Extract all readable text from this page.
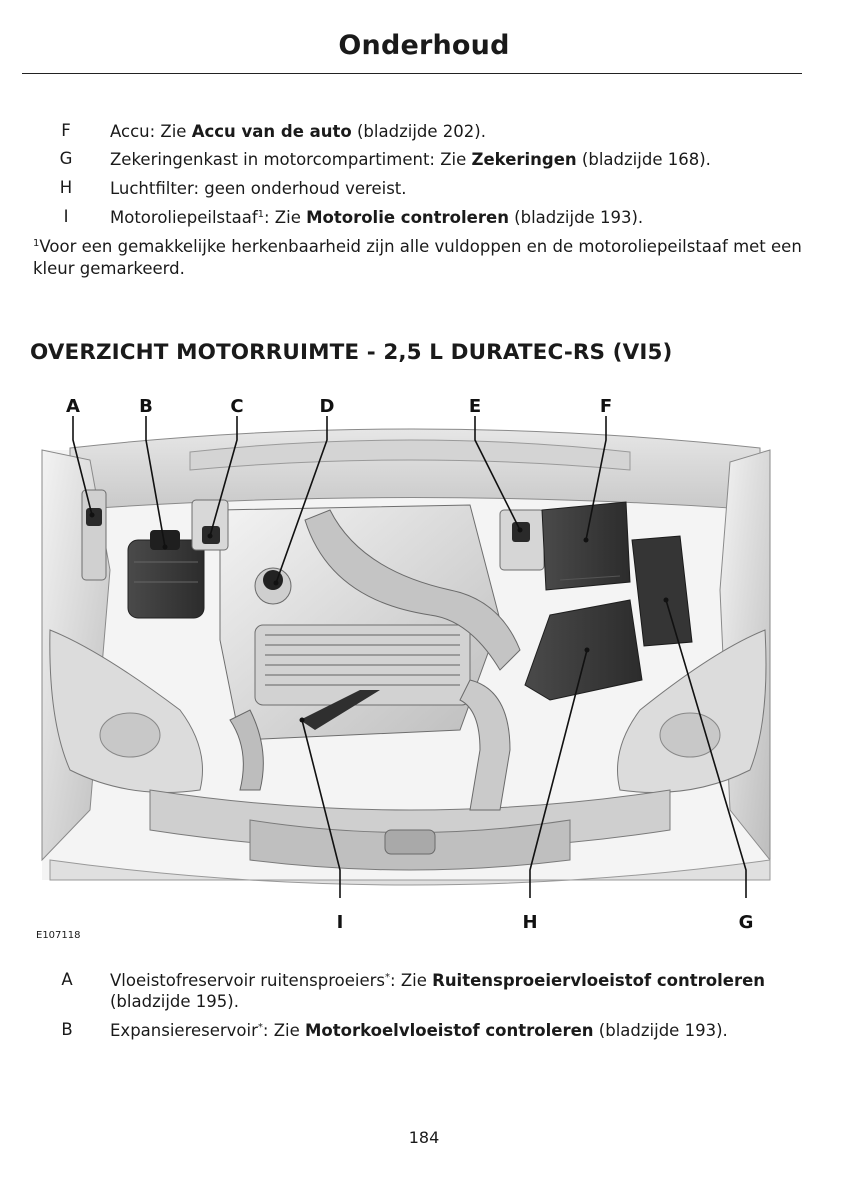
Onderhoud
F	Accu: Zie Accu van de auto (bladzijde 202).
G Zekeringenkast in motorcompartiment: Zie Zekeringen (bladzijde 168).
H Luchtfilter: geen onderhoud vereist.
I	Motoroliepeilstaaf$^1$: Zie Motorolie controleren (bladzijde 193).
$^1$Voor een gemakkelijke herkenbaarheid zijn alle vuldoppen en de motoroliepeilstaaf met een kleur gemarkeerd.
OVERZICHT MOTORRUIMTE - 2,5 L DURATEC-RS (VI5)
A	B	C	D	E	F
I	H	G
E107118
A Vloeistofreservoir ruitensproeiers*: Zie Ruitensproeiervloeistof controleren (bladzijde 195).
B Expansiereservoir*: Zie Motorkoelvloeistof controleren (bladzijde 193).
184
